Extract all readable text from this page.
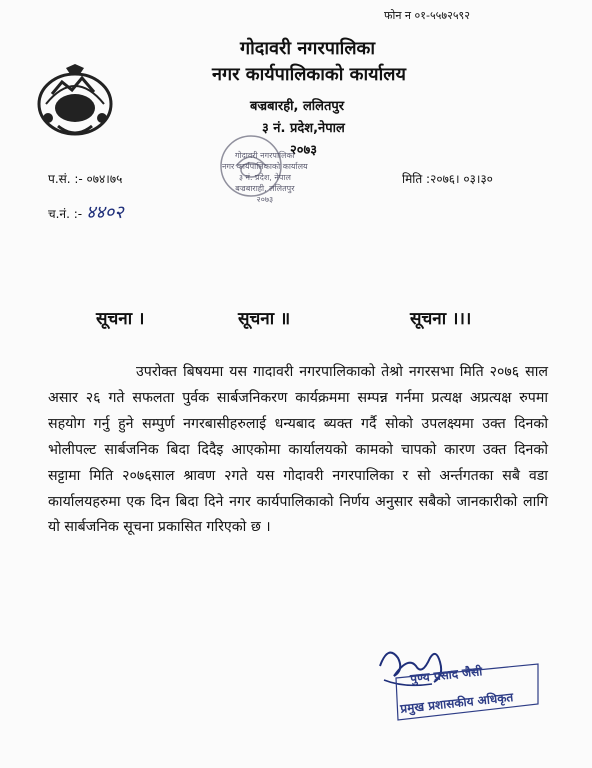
फोन न ०१-५५७२५९२
गोदावरी नगरपालिका
नगर कार्यपालिकाको कार्यालय
बज्रबारही, ललितपुर
३ नं. प्रदेश,नेपाल
२०७३
गोदावरी नगरपालिका
नगर कार्यपालिकाको कार्यालय
३ नं. प्रदेश, नेपाल
बज्रबाराही, ललितपुर
२०७३
प.सं. :- ०७४।७५
च.नं. :- ४४०२
मिति :२०७६। ०३।३०
सूचना ।	सूचना ॥	सूचना ।।।
उपरोक्त बिषयमा यस गादावरी नगरपालिकाको तेश्रो नगरसभा मिति २०७६ साल असार २६ गते सफलता पुर्वक सार्बजनिकरण कार्यक्रममा सम्पन्न गर्नमा प्रत्यक्ष अप्रत्यक्ष रुपमा सहयोग गर्नु हुने सम्पुर्ण नगरबासीहरुलाई धन्यबाद ब्यक्त गर्दै सोको उपलक्ष्यमा उक्त दिनको भोलीपल्ट सार्बजनिक बिदा दिदैइ आएकोमा कार्यालयको कामको चापको कारण उक्त दिनको सट्टामा मिति २०७६साल श्रावण २गते यस गोदावरी नगरपालिका र सो अर्न्तगतका सबै वडा कार्यालयहरुमा एक दिन बिदा दिने नगर कार्यपालिकाको निर्णय अनुसार सबैको जानकारीको लागि यो सार्बजनिक सूचना प्रकासित गरिएको छ ।
पुण्य प्रसाद जैसी
प्रमुख प्रशासकीय अधिकृत
